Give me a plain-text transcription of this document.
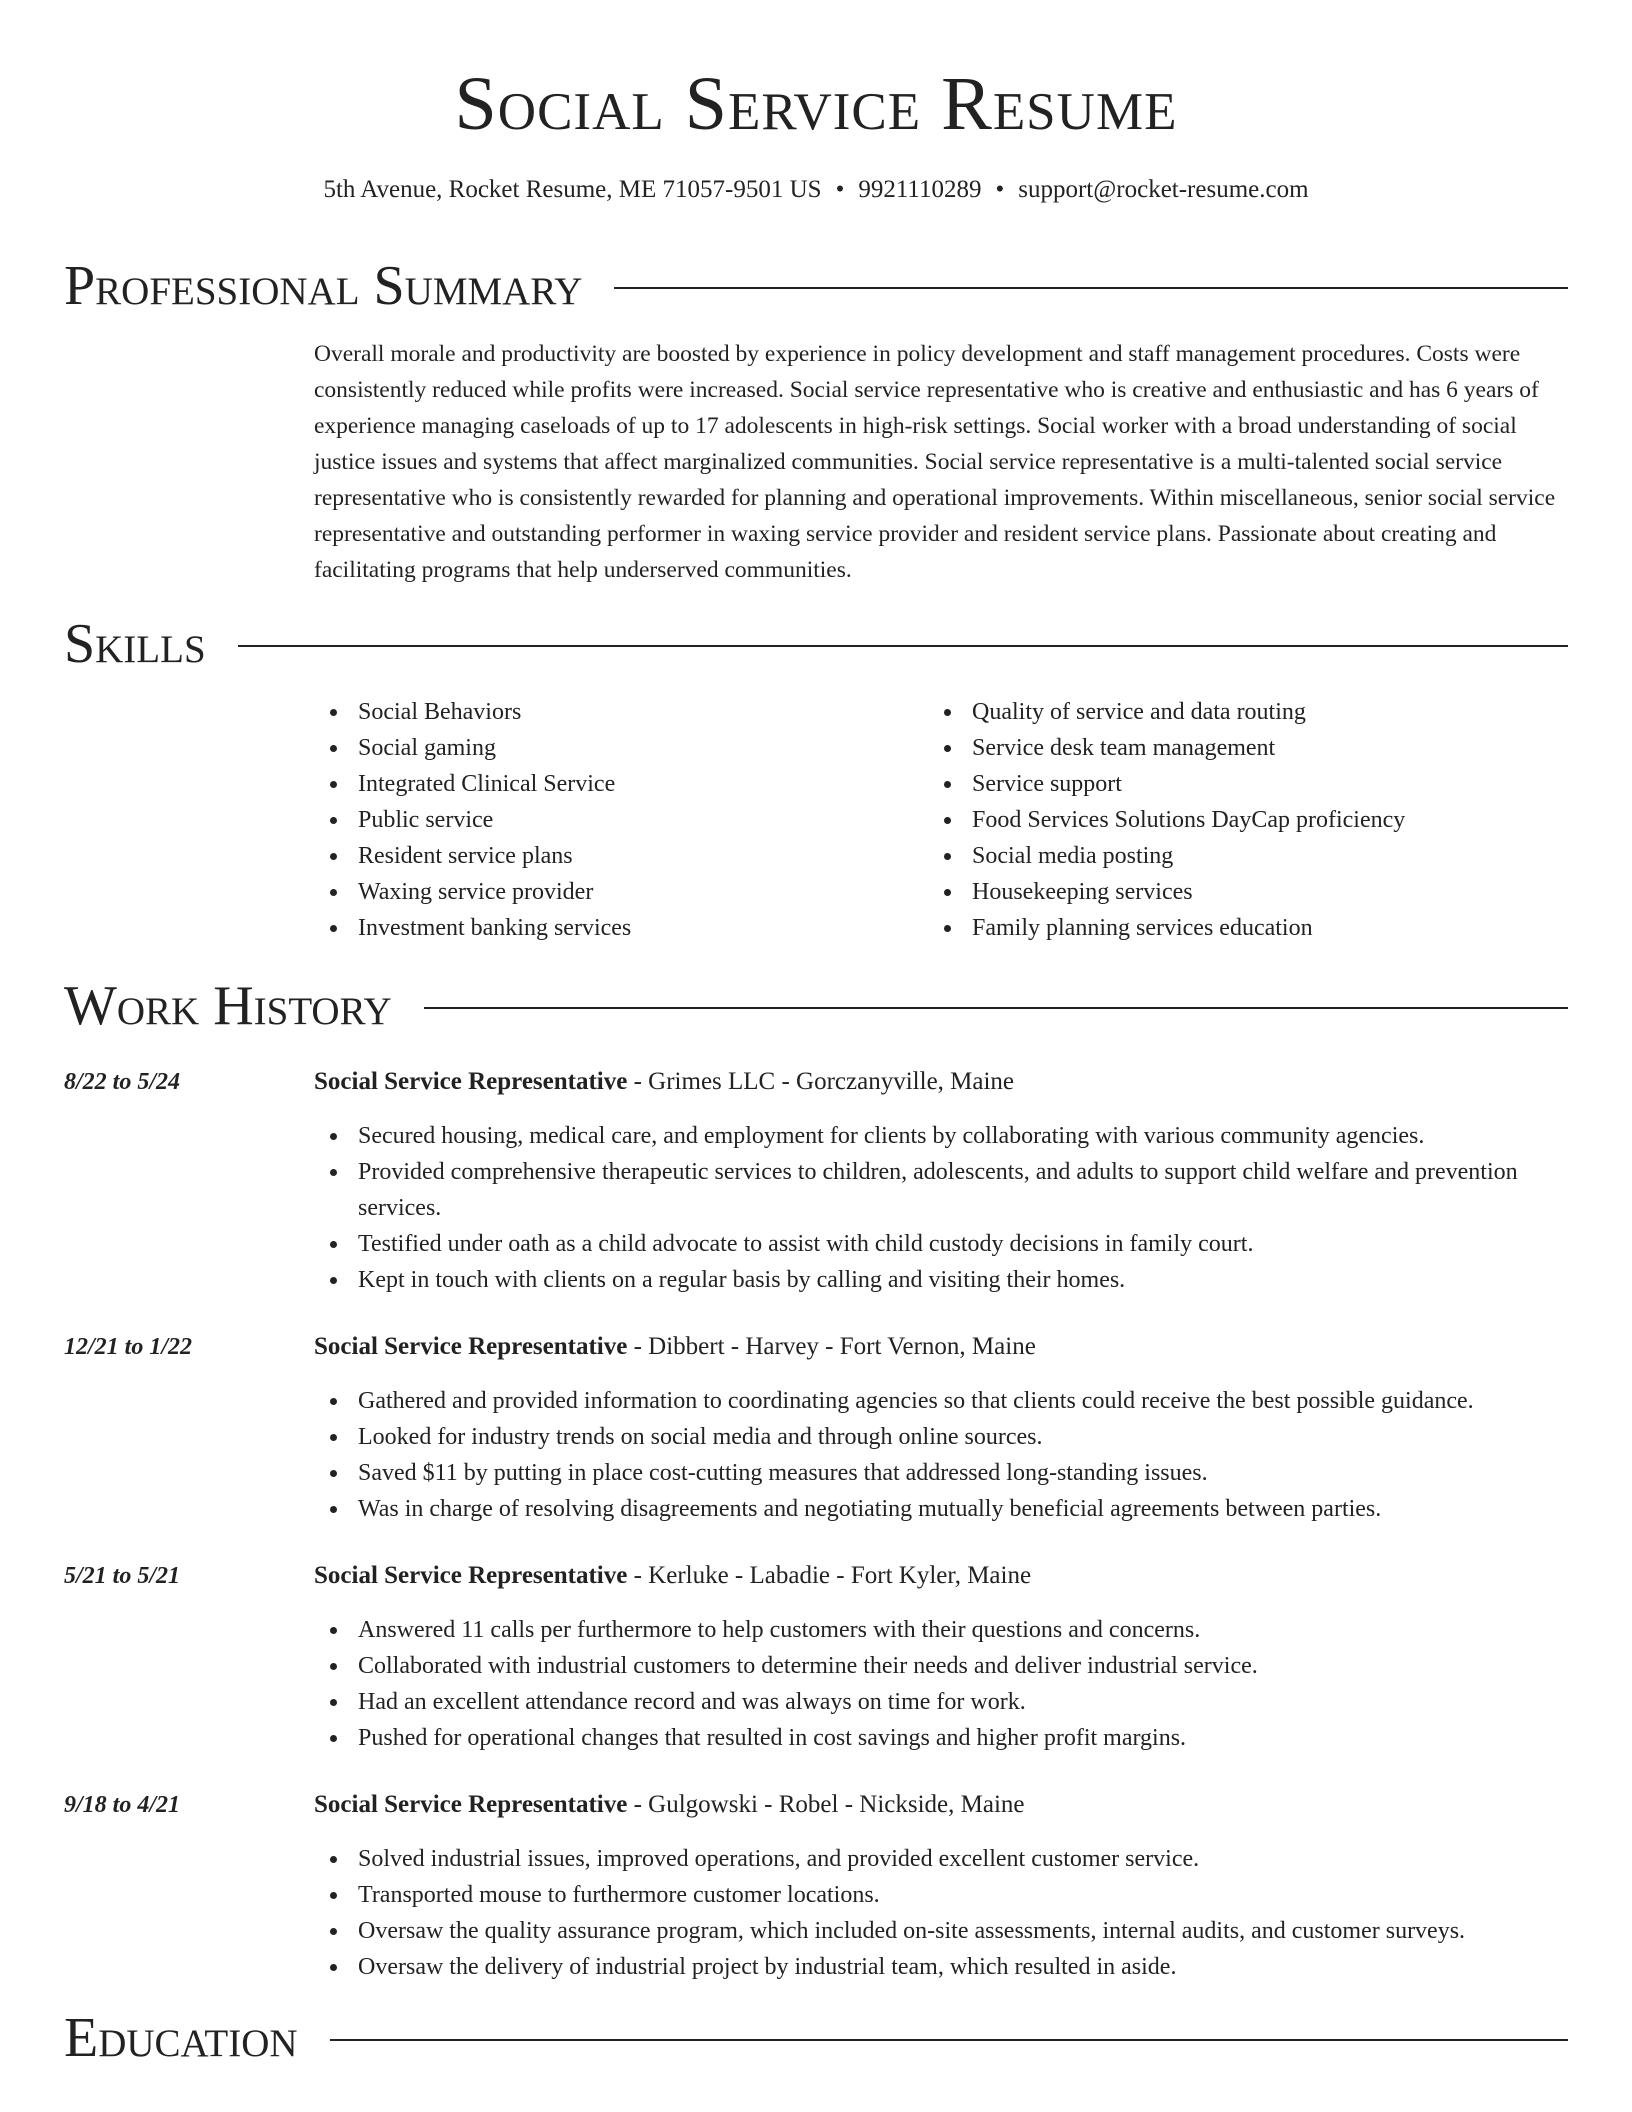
Social Service Resume
5th Avenue, Rocket Resume, ME 71057-9501 US • 9921110289 • support@rocket-resume.com
Professional Summary

Overall morale and productivity are boosted by experience in policy development and staff management procedures. Costs were consistently reduced while profits were increased. Social service representative who is creative and enthusiastic and has 6 years of experience managing caseloads of up to 17 adolescents in high-risk settings. Social worker with a broad understanding of social justice issues and systems that affect marginalized communities. Social service representative is a multi-talented social service representative who is consistently rewarded for planning and operational improvements. Within miscellaneous, senior social service representative and outstanding performer in waxing service provider and resident service plans. Passionate about creating and facilitating programs that help underserved communities.

Skills
Social Behaviors
Social gaming
Integrated Clinical Service
Public service
Resident service plans
Waxing service provider
Investment banking services
Quality of service and data routing
Service desk team management
Service support
Food Services Solutions DayCap proficiency
Social media posting
Housekeeping services
Family planning services education
Work History
8/22 to 5/24	Social Service Representative - Grimes LLC - Gorczanyville, Maine
Secured housing, medical care, and employment for clients by collaborating with various community agencies.
Provided comprehensive therapeutic services to children, adolescents, and adults to support child welfare and prevention services.
Testified under oath as a child advocate to assist with child custody decisions in family court.
Kept in touch with clients on a regular basis by calling and visiting their homes.
12/21 to 1/22	Social Service Representative - Dibbert - Harvey - Fort Vernon, Maine
Gathered and provided information to coordinating agencies so that clients could receive the best possible guidance.
Looked for industry trends on social media and through online sources.
Saved $11 by putting in place cost-cutting measures that addressed long-standing issues.
Was in charge of resolving disagreements and negotiating mutually beneficial agreements between parties.
5/21 to 5/21	Social Service Representative - Kerluke - Labadie - Fort Kyler, Maine
Answered 11 calls per furthermore to help customers with their questions and concerns.
Collaborated with industrial customers to determine their needs and deliver industrial service.
Had an excellent attendance record and was always on time for work.
Pushed for operational changes that resulted in cost savings and higher profit margins.
9/18 to 4/21	Social Service Representative - Gulgowski - Robel - Nickside, Maine
Solved industrial issues, improved operations, and provided excellent customer service.
Transported mouse to furthermore customer locations.
Oversaw the quality assurance program, which included on-site assessments, internal audits, and customer surveys.
Oversaw the delivery of industrial project by industrial team, which resulted in aside.
Education
